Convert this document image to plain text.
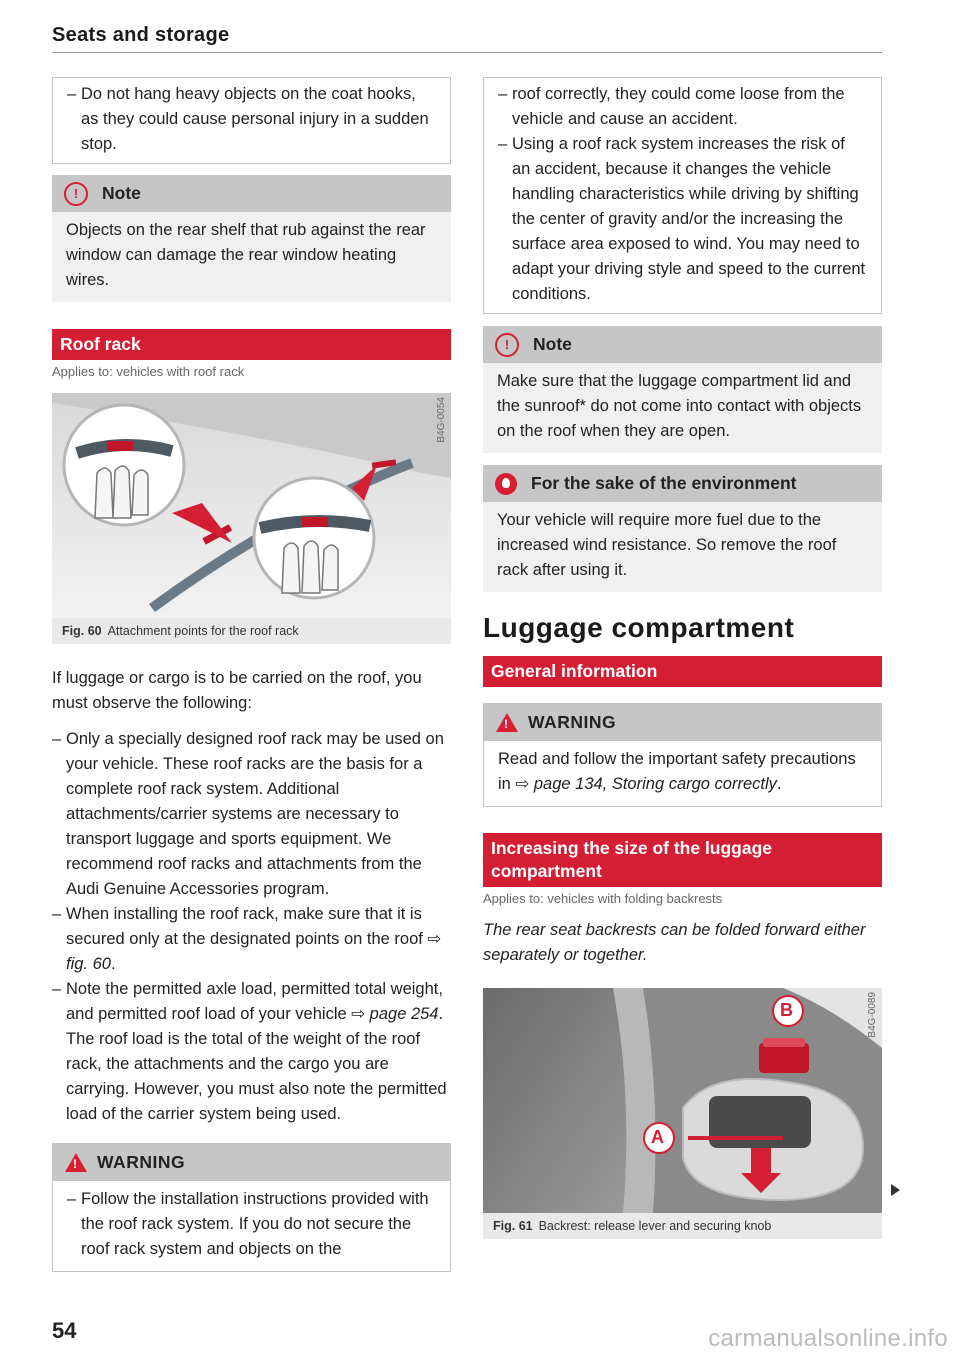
Seats and storage
– Do not hang heavy objects on the coat hooks, as they could cause personal injury in a sudden stop.
!	Note
Objects on the rear shelf that rub against the rear window can damage the rear window heating wires.
Roof rack
Applies to: vehicles with roof rack
B4G-0054
Fig. 60 Attachment points for the roof rack

If luggage or cargo is to be carried on the roof, you must observe the following:

– Only a specially designed roof rack may be used on your vehicle. These roof racks are the basis for a complete roof rack system. Additional attachments/carrier systems are necessary to transport luggage and sports equipment. We recommend roof racks and attachments from the Audi Genuine Accessories program.
– When installing the roof rack, make sure that it is secured only at the designated points on the roof ⇨ fig. 60.
– Note the permitted axle load, permitted total weight, and permitted roof load of your vehicle ⇨ page 254. The roof load is the total of the weight of the roof rack, the attachments and the cargo you are carrying. However, you must also note the permitted load of the carrier system being used.
!
WARNING
– Follow the installation instructions provided with the roof rack system. If you do not secure the roof rack system and objects on the
– roof correctly, they could come loose from the vehicle and cause an accident.
– Using a roof rack system increases the risk of an accident, because it changes the vehicle handling characteristics while driving by shifting the center of gravity and/or the increasing the surface area exposed to wind. You may need to adapt your driving style and speed to the current conditions.
!	Note
Make sure that the luggage compartment lid and the sunroof* do not come into contact with objects on the roof when they are open.
For the sake of the environment
Your vehicle will require more fuel due to the increased wind resistance. So remove the roof rack after using it.
Luggage compartment
General information
!
WARNING
Read and follow the important safety precautions in ⇨ page 134, Storing cargo correctly.
Increasing the size of the luggage compartment
Applies to: vehicles with folding backrests
The rear seat backrests can be folded forward either separately or together.
B
A
B4G-0089
Fig. 61 Backrest: release lever and securing knob
54	carmanualsonline.info
